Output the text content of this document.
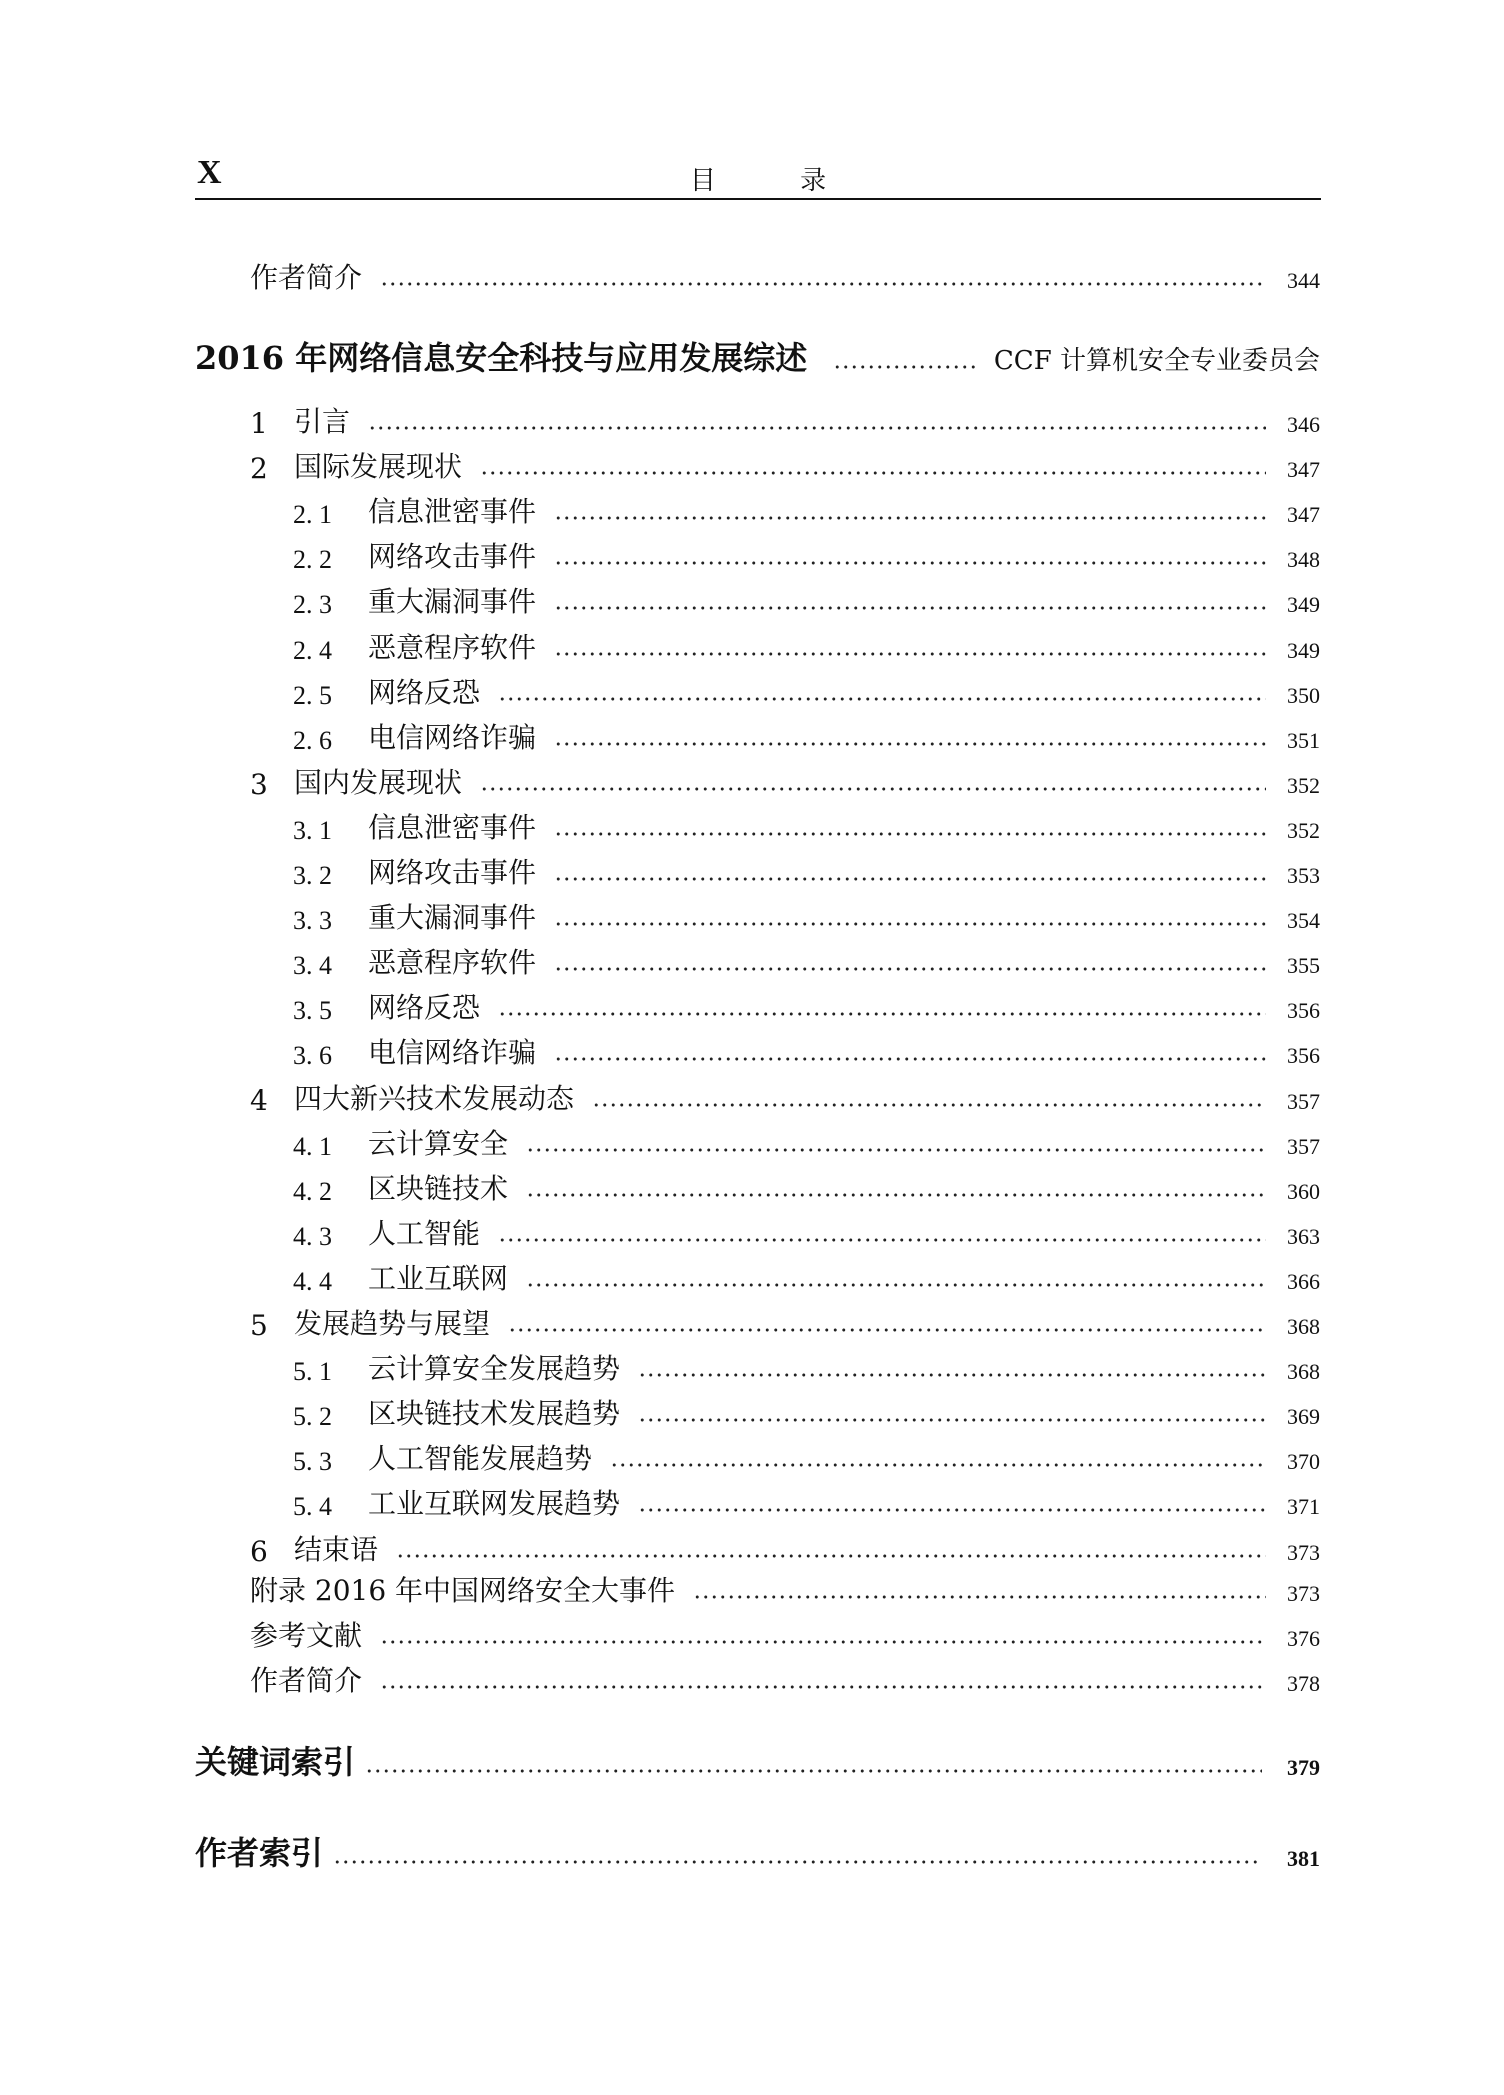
X	目 录
作者简介	344
2016 年网络信息安全科技与应用发展综述	CCF 计算机安全专业委员会
1 引言	346
2 国际发展现状	347
2. 1	信息泄密事件	347
2. 2	网络攻击事件	348
2. 3	重大漏洞事件	349
2. 4	恶意程序软件	349
2. 5	网络反恐	350
2. 6	电信网络诈骗	351
3 国内发展现状	352
3. 1	信息泄密事件	352
3. 2	网络攻击事件	353
3. 3	重大漏洞事件	354
3. 4	恶意程序软件	355
3. 5	网络反恐	356
3. 6	电信网络诈骗	356
4 四大新兴技术发展动态	357
4. 1	云计算安全	357
4. 2	区块链技术	360
4. 3	人工智能	363
4. 4	工业互联网	366
5 发展趋势与展望	368
5. 1	云计算安全发展趋势	368
5. 2	区块链技术发展趋势	369
5. 3	人工智能发展趋势	370
5. 4	工业互联网发展趋势	371
6 结束语	373
附录 2016 年中国网络安全大事件	373
参考文献	376
作者简介	378
关键词索引	379
作者索引	381
